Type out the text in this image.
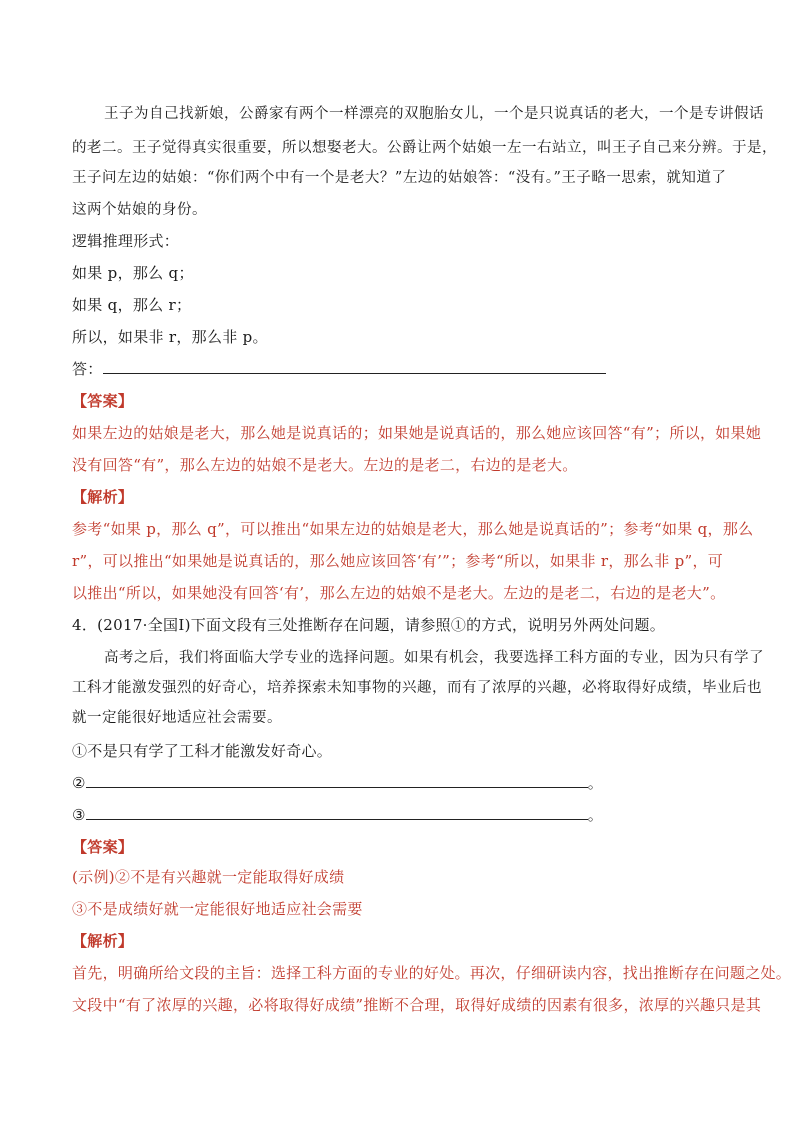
王子为自己找新娘，公爵家有两个一样漂亮的双胞胎女儿，一个是只说真话的老大，一个是专讲假话
的老二。王子觉得真实很重要，所以想娶老大。公爵让两个姑娘一左一右站立，叫王子自己来分辨。于是，
王子问左边的姑娘：“你们两个中有一个是老大？”左边的姑娘答：“没有。”王子略一思索，就知道了
这两个姑娘的身份。
逻辑推理形式：
如果 p，那么 q；
如果 q，那么 r；
所以，如果非 r，那么非 p。
答：
【答案】
如果左边的姑娘是老大，那么她是说真话的；如果她是说真话的，那么她应该回答“有”；所以，如果她
没有回答“有”，那么左边的姑娘不是老大。左边的是老二，右边的是老大。
【解析】
参考“如果 p，那么 q”，可以推出“如果左边的姑娘是老大，那么她是说真话的”；参考“如果 q，那么
r”，可以推出“如果她是说真话的，那么她应该回答‘有’”；参考“所以，如果非 r，那么非 p”，可
以推出“所以，如果她没有回答‘有’，那么左边的姑娘不是老大。左边的是老二，右边的是老大”。
4．(2017·全国Ⅰ)下面文段有三处推断存在问题，请参照①的方式，说明另外两处问题。
高考之后，我们将面临大学专业的选择问题。如果有机会，我要选择工科方面的专业，因为只有学了
工科才能激发强烈的好奇心，培养探索未知事物的兴趣，而有了浓厚的兴趣，必将取得好成绩，毕业后也
就一定能很好地适应社会需要。
①不是只有学了工科才能激发好奇心。
②	。
③	。
【答案】
(示例)②不是有兴趣就一定能取得好成绩
③不是成绩好就一定能很好地适应社会需要
【解析】
首先，明确所给文段的主旨：选择工科方面的专业的好处。再次，仔细研读内容，找出推断存在问题之处。
文段中“有了浓厚的兴趣，必将取得好成绩”推断不合理，取得好成绩的因素有很多，浓厚的兴趣只是其
